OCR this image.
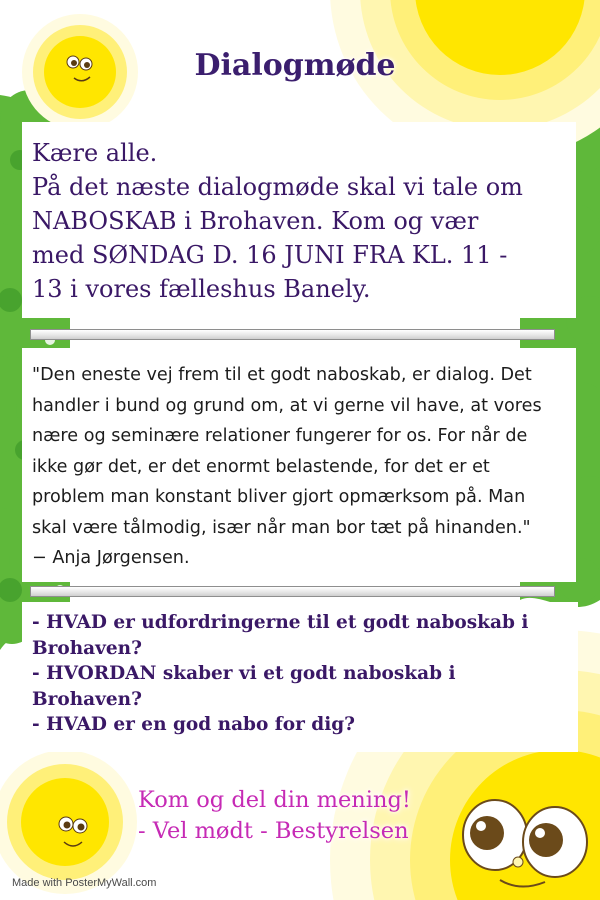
Dialogmøde

Kære alle.

På det næste dialogmøde skal vi tale om

NABOSKAB i Brohaven. Kom og vær

med SØNDAG D. 16 JUNI FRA KL. 11 -

13 i vores fælleshus Banely.

"Den eneste vej frem til et godt naboskab, er dialog. Det

handler i bund og grund om, at vi gerne vil have, at vores

nære og seminære relationer fungerer for os. For når de

ikke gør det, er det enormt belastende, for det er et

problem man konstant bliver gjort opmærksom på. Man

skal være tålmodig, især når man bor tæt på hinanden."

− Anja Jørgensen.

- HVAD er udfordringerne til et godt naboskab i
Brohaven?
- HVORDAN skaber vi et godt naboskab i
Brohaven?
- HVAD er en god nabo for dig?
Kom og del din mening!
- Vel mødt - Bestyrelsen
Made with PosterMyWall.com
